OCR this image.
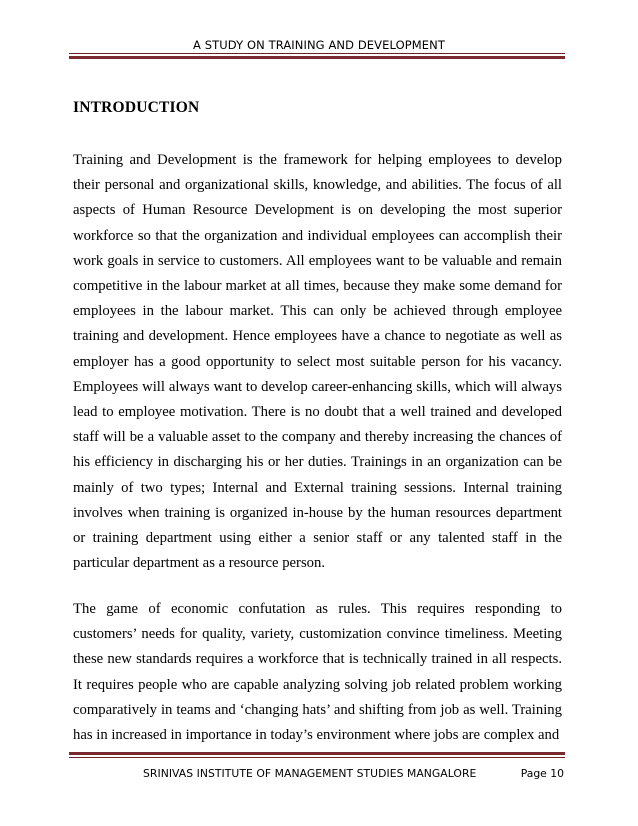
A STUDY ON TRAINING AND DEVELOPMENT
INTRODUCTION

Training and Development is the framework for helping employees to develop their personal and organizational skills, knowledge, and abilities. The focus of all aspects of Human Resource Development is on developing the most superior workforce so that the organization and individual employees can accomplish their work goals in service to customers. All employees want to be valuable and remain competitive in the labour market at all times, because they make some demand for employees in the labour market. This can only be achieved through employee training and development. Hence employees have a chance to negotiate as well as employer has a good opportunity to select most suitable person for his vacancy. Employees will always want to develop career-enhancing skills, which will always lead to employee motivation. There is no doubt that a well trained and developed staff will be a valuable asset to the company and thereby increasing the chances of his efficiency in discharging his or her duties. Trainings in an organization can be mainly of two types; Internal and External training sessions. Internal training involves when training is organized in-house by the human resources department or training department using either a senior staff or any talented staff in the particular department as a resource person.

The game of economic confutation as rules. This requires responding to customers’ needs for quality, variety, customization convince timeliness. Meeting these new standards requires a workforce that is technically trained in all respects. It requires people who are capable analyzing solving job related problem working comparatively in teams and ‘changing hats’ and shifting from job as well. Training has in increased in importance in today’s environment where jobs are complex and

SRINIVAS INSTITUTE OF MANAGEMENT STUDIES MANGALORE	Page 10
